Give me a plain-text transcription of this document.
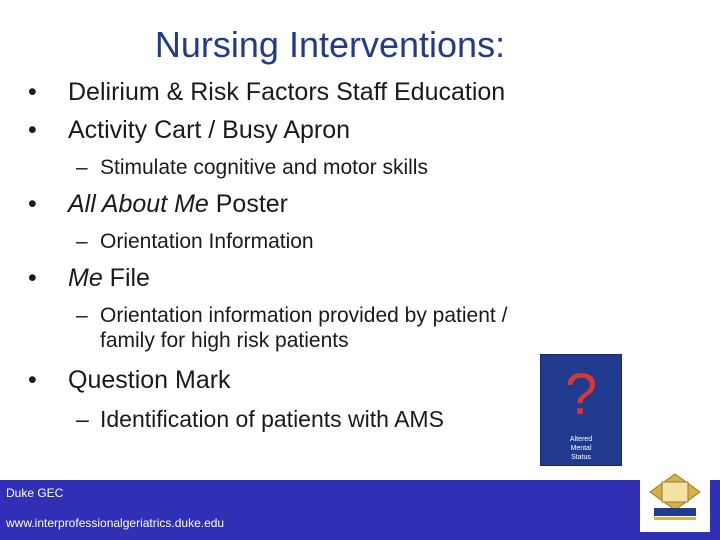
Nursing Interventions:
• Delirium & Risk Factors Staff Education
• Activity Cart / Busy Apron
– Stimulate cognitive and motor skills
• All About Me Poster
– Orientation Information
• Me File
– Orientation information provided by patient /
family for high risk patients
• Question Mark
– Identification of patients with AMS	?
Altered
Mental
Status
Duke GEC
www.interprofessionalgeriatrics.duke.edu
